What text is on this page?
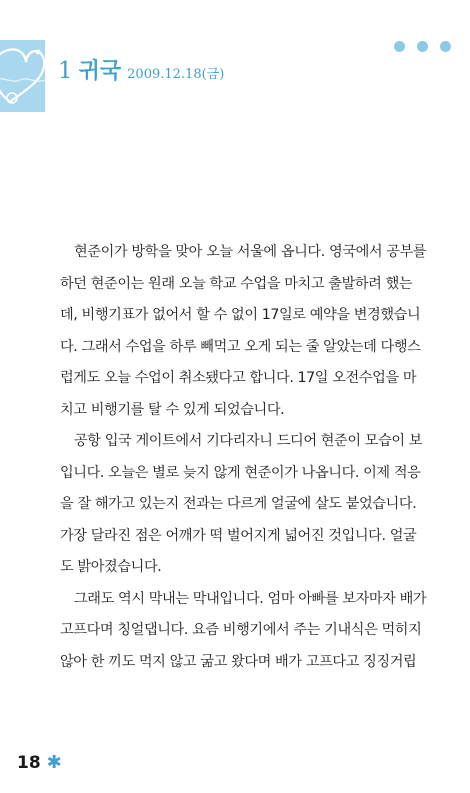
1 귀국 2009.12.18(금)
현준이가 방학을 맞아 오늘 서울에 옵니다. 영국에서 공부를
하던 현준이는 원래 오늘 학교 수업을 마치고 출발하려 했는
데, 비행기표가 없어서 할 수 없이 17일로 예약을 변경했습니
다. 그래서 수업을 하루 빼먹고 오게 되는 줄 알았는데 다행스
럽게도 오늘 수업이 취소됐다고 합니다. 17일 오전수업을 마
치고 비행기를 탈 수 있게 되었습니다.
공항 입국 게이트에서 기다리자니 드디어 현준이 모습이 보
입니다. 오늘은 별로 늦지 않게 현준이가 나옵니다. 이제 적응
을 잘 해가고 있는지 전과는 다르게 얼굴에 살도 붙었습니다.
가장 달라진 점은 어깨가 떡 벌어지게 넓어진 것입니다. 얼굴
도 밝아졌습니다.
그래도 역시 막내는 막내입니다. 엄마 아빠를 보자마자 배가
고프다며 칭얼댑니다. 요즘 비행기에서 주는 기내식은 먹히지
않아 한 끼도 먹지 않고 굶고 왔다며 배가 고프다고 징징거립
18 ✱
